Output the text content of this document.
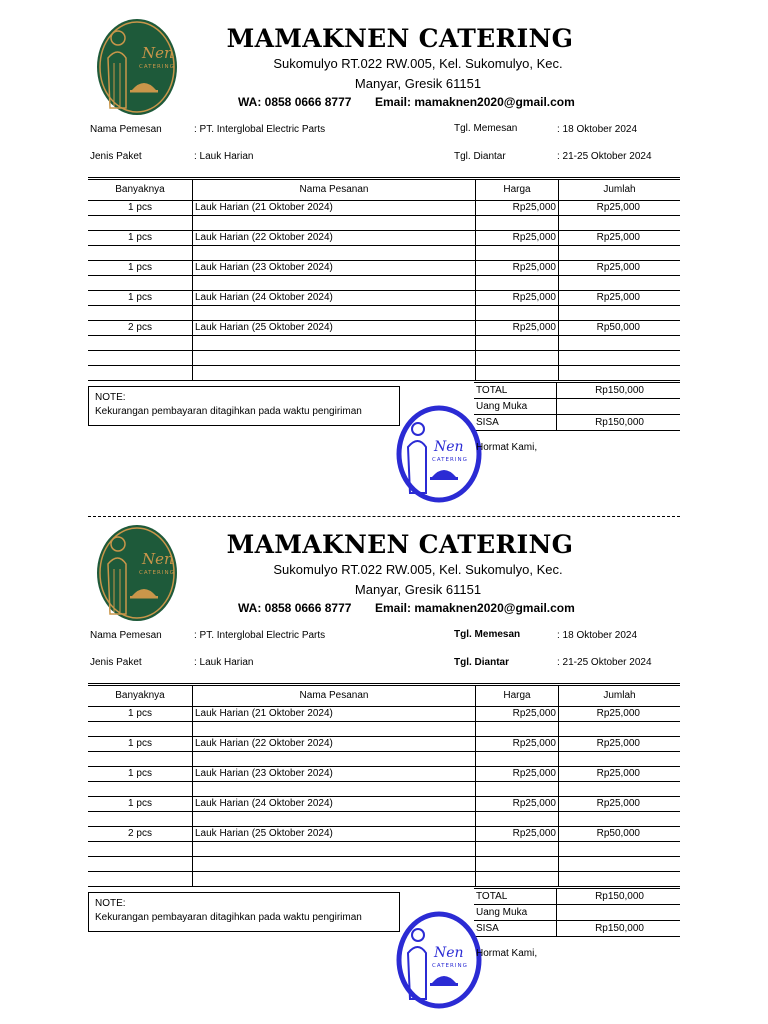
Nen
CATERING
MAMAKNEN CATERING
Sukomulyo RT.022 RW.005, Kel. Sukomulyo, Kec.
Manyar, Gresik 61151
WA: 0858 0666 8777 Email: mamaknen2020@gmail.com
Nama Pemesan	: PT. Interglobal Electric Parts	Tgl. Memesan	: 18 Oktober 2024
Jenis Paket	: Lauk Harian	Tgl. Diantar	: 21-25 Oktober 2024
Banyaknya	Nama Pesanan	Harga	Jumlah
1 pcs	Lauk Harian (21 Oktober 2024)	Rp25,000	Rp25,000

1 pcs	Lauk Harian (22 Oktober 2024)	Rp25,000	Rp25,000

1 pcs	Lauk Harian (23 Oktober 2024)	Rp25,000	Rp25,000

1 pcs	Lauk Harian (24 Oktober 2024)	Rp25,000	Rp25,000

2 pcs	Lauk Harian (25 Oktober 2024)	Rp25,000	Rp50,000

NOTE:
Kekurangan pembayaran ditagihkan pada waktu pengiriman
TOTAL	Rp150,000
Uang Muka	
SISA	Rp150,000
Nen
CATERING
Hormat Kami,
Nen
CATERING
MAMAKNEN CATERING
Sukomulyo RT.022 RW.005, Kel. Sukomulyo, Kec.
Manyar, Gresik 61151
WA: 0858 0666 8777 Email: mamaknen2020@gmail.com
Nama Pemesan	: PT. Interglobal Electric Parts	Tgl. Memesan	: 18 Oktober 2024
Jenis Paket	: Lauk Harian	Tgl. Diantar	: 21-25 Oktober 2024
Banyaknya	Nama Pesanan	Harga	Jumlah
1 pcs	Lauk Harian (21 Oktober 2024)	Rp25,000	Rp25,000

1 pcs	Lauk Harian (22 Oktober 2024)	Rp25,000	Rp25,000

1 pcs	Lauk Harian (23 Oktober 2024)	Rp25,000	Rp25,000

1 pcs	Lauk Harian (24 Oktober 2024)	Rp25,000	Rp25,000

2 pcs	Lauk Harian (25 Oktober 2024)	Rp25,000	Rp50,000

NOTE:
Kekurangan pembayaran ditagihkan pada waktu pengiriman
TOTAL	Rp150,000
Uang Muka	
SISA	Rp150,000
Nen
CATERING
Hormat Kami,
